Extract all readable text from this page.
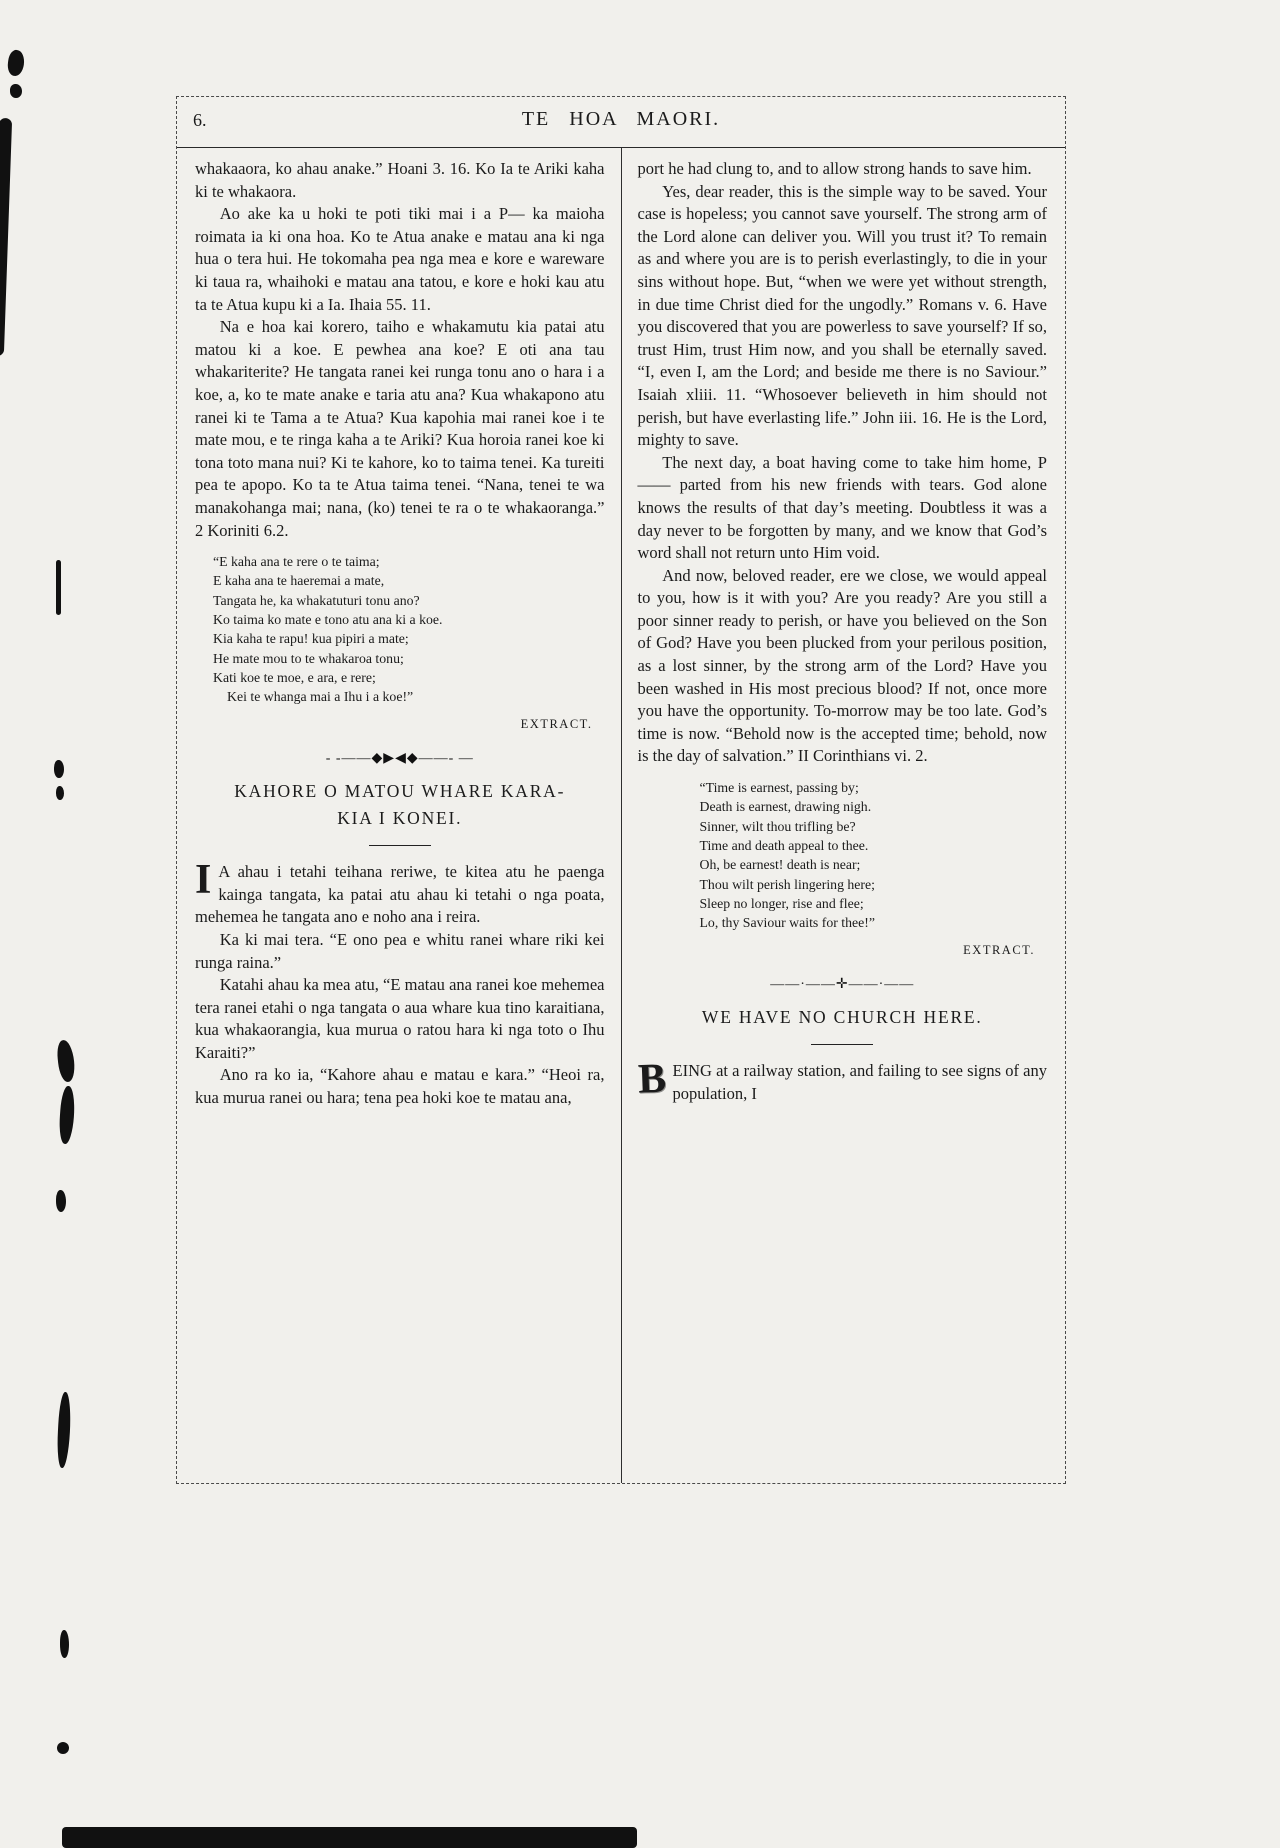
6.	TE HOA MAORI.

whakaaora, ko ahau anake.” Hoani 3. 16. Ko Ia te Ariki kaha ki te whakaora.

Ao ake ka u hoki te poti tiki mai i a P— ka maioha roimata ia ki ona hoa. Ko te Atua anake e matau ana ki nga hua o tera hui. He tokomaha pea nga mea e kore e wareware ki taua ra, whaihoki e matau ana tatou, e kore e hoki kau atu ta te Atua kupu ki a Ia. Ihaia 55. 11.

Na e hoa kai korero, taiho e whakamutu kia patai atu matou ki a koe. E pewhea ana koe? E oti ana tau whakariterite? He tangata ranei kei runga tonu ano o hara i a koe, a, ko te mate anake e taria atu ana? Kua whakapono atu ranei ki te Tama a te Atua? Kua kapohia mai ranei koe i te mate mou, e te ringa kaha a te Ariki? Kua horoia ranei koe ki tona toto mana nui? Ki te kahore, ko to taima tenei. Ka tureiti pea te apopo. Ko ta te Atua taima tenei. “Nana, tenei te wa manakohanga mai; nana, (ko) tenei te ra o te whakaoranga.” 2 Koriniti 6.2.

“E kaha ana te rere o te taima;
E kaha ana te haeremai a mate,
Tangata he, ka whakatuturi tonu ano?
Ko taima ko mate e tono atu ana ki a koe.
Kia kaha te rapu! kua pipiri a mate;
He mate mou to te whakaroa tonu;
Kati koe te moe, e ara, e rere;
Kei te whanga mai a Ihu i a koe!”
EXTRACT.
- -——◆▶◀◆——- —
KAHORE O MATOU WHARE KARA-
KIA I KONEI.

I A ahau i tetahi teihana reriwe, te kitea atu he paenga kainga tangata, ka patai atu ahau ki tetahi o nga poata, mehemea he tangata ano e noho ana i reira.

Ka ki mai tera. “E ono pea e whitu ranei whare riki kei runga raina.”

Katahi ahau ka mea atu, “E matau ana ranei koe mehemea tera ranei etahi o nga tangata o aua whare kua tino karaitiana, kua whakaorangia, kua murua o ratou hara ki nga toto o Ihu Karaiti?”

Ano ra ko ia, “Kahore ahau e matau e kara.” “Heoi ra, kua murua ranei ou hara; tena pea hoki koe te matau ana,

port he had clung to, and to allow strong hands to save him.

Yes, dear reader, this is the simple way to be saved. Your case is hopeless; you cannot save yourself. The strong arm of the Lord alone can deliver you. Will you trust it? To remain as and where you are is to perish everlastingly, to die in your sins without hope. But, “when we were yet without strength, in due time Christ died for the ungodly.” Romans v. 6. Have you discovered that you are powerless to save yourself? If so, trust Him, trust Him now, and you shall be eternally saved. “I, even I, am the Lord; and beside me there is no Saviour.” Isaiah xliii. 11. “Whosoever believeth in him should not perish, but have everlasting life.” John iii. 16. He is the Lord, mighty to save.

The next day, a boat having come to take him home, P—— parted from his new friends with tears. God alone knows the results of that day’s meeting. Doubtless it was a day never to be forgotten by many, and we know that God’s word shall not return unto Him void.

And now, beloved reader, ere we close, we would appeal to you, how is it with you? Are you ready? Are you still a poor sinner ready to perish, or have you believed on the Son of God? Have you been plucked from your perilous position, as a lost sinner, by the strong arm of the Lord? Have you been washed in His most precious blood? If not, once more you have the opportunity. To-morrow may be too late. God’s time is now. “Behold now is the accepted time; behold, now is the day of salvation.” II Corinthians vi. 2.

“Time is earnest, passing by;
Death is earnest, drawing nigh.
Sinner, wilt thou trifling be?
Time and death appeal to thee.
Oh, be earnest! death is near;
Thou wilt perish lingering here;
Sleep no longer, rise and flee;
Lo, thy Saviour waits for thee!”
EXTRACT.
——·——✛——·——
WE HAVE NO CHURCH HERE.

BEING at a railway station, and failing to see signs of any population, I
